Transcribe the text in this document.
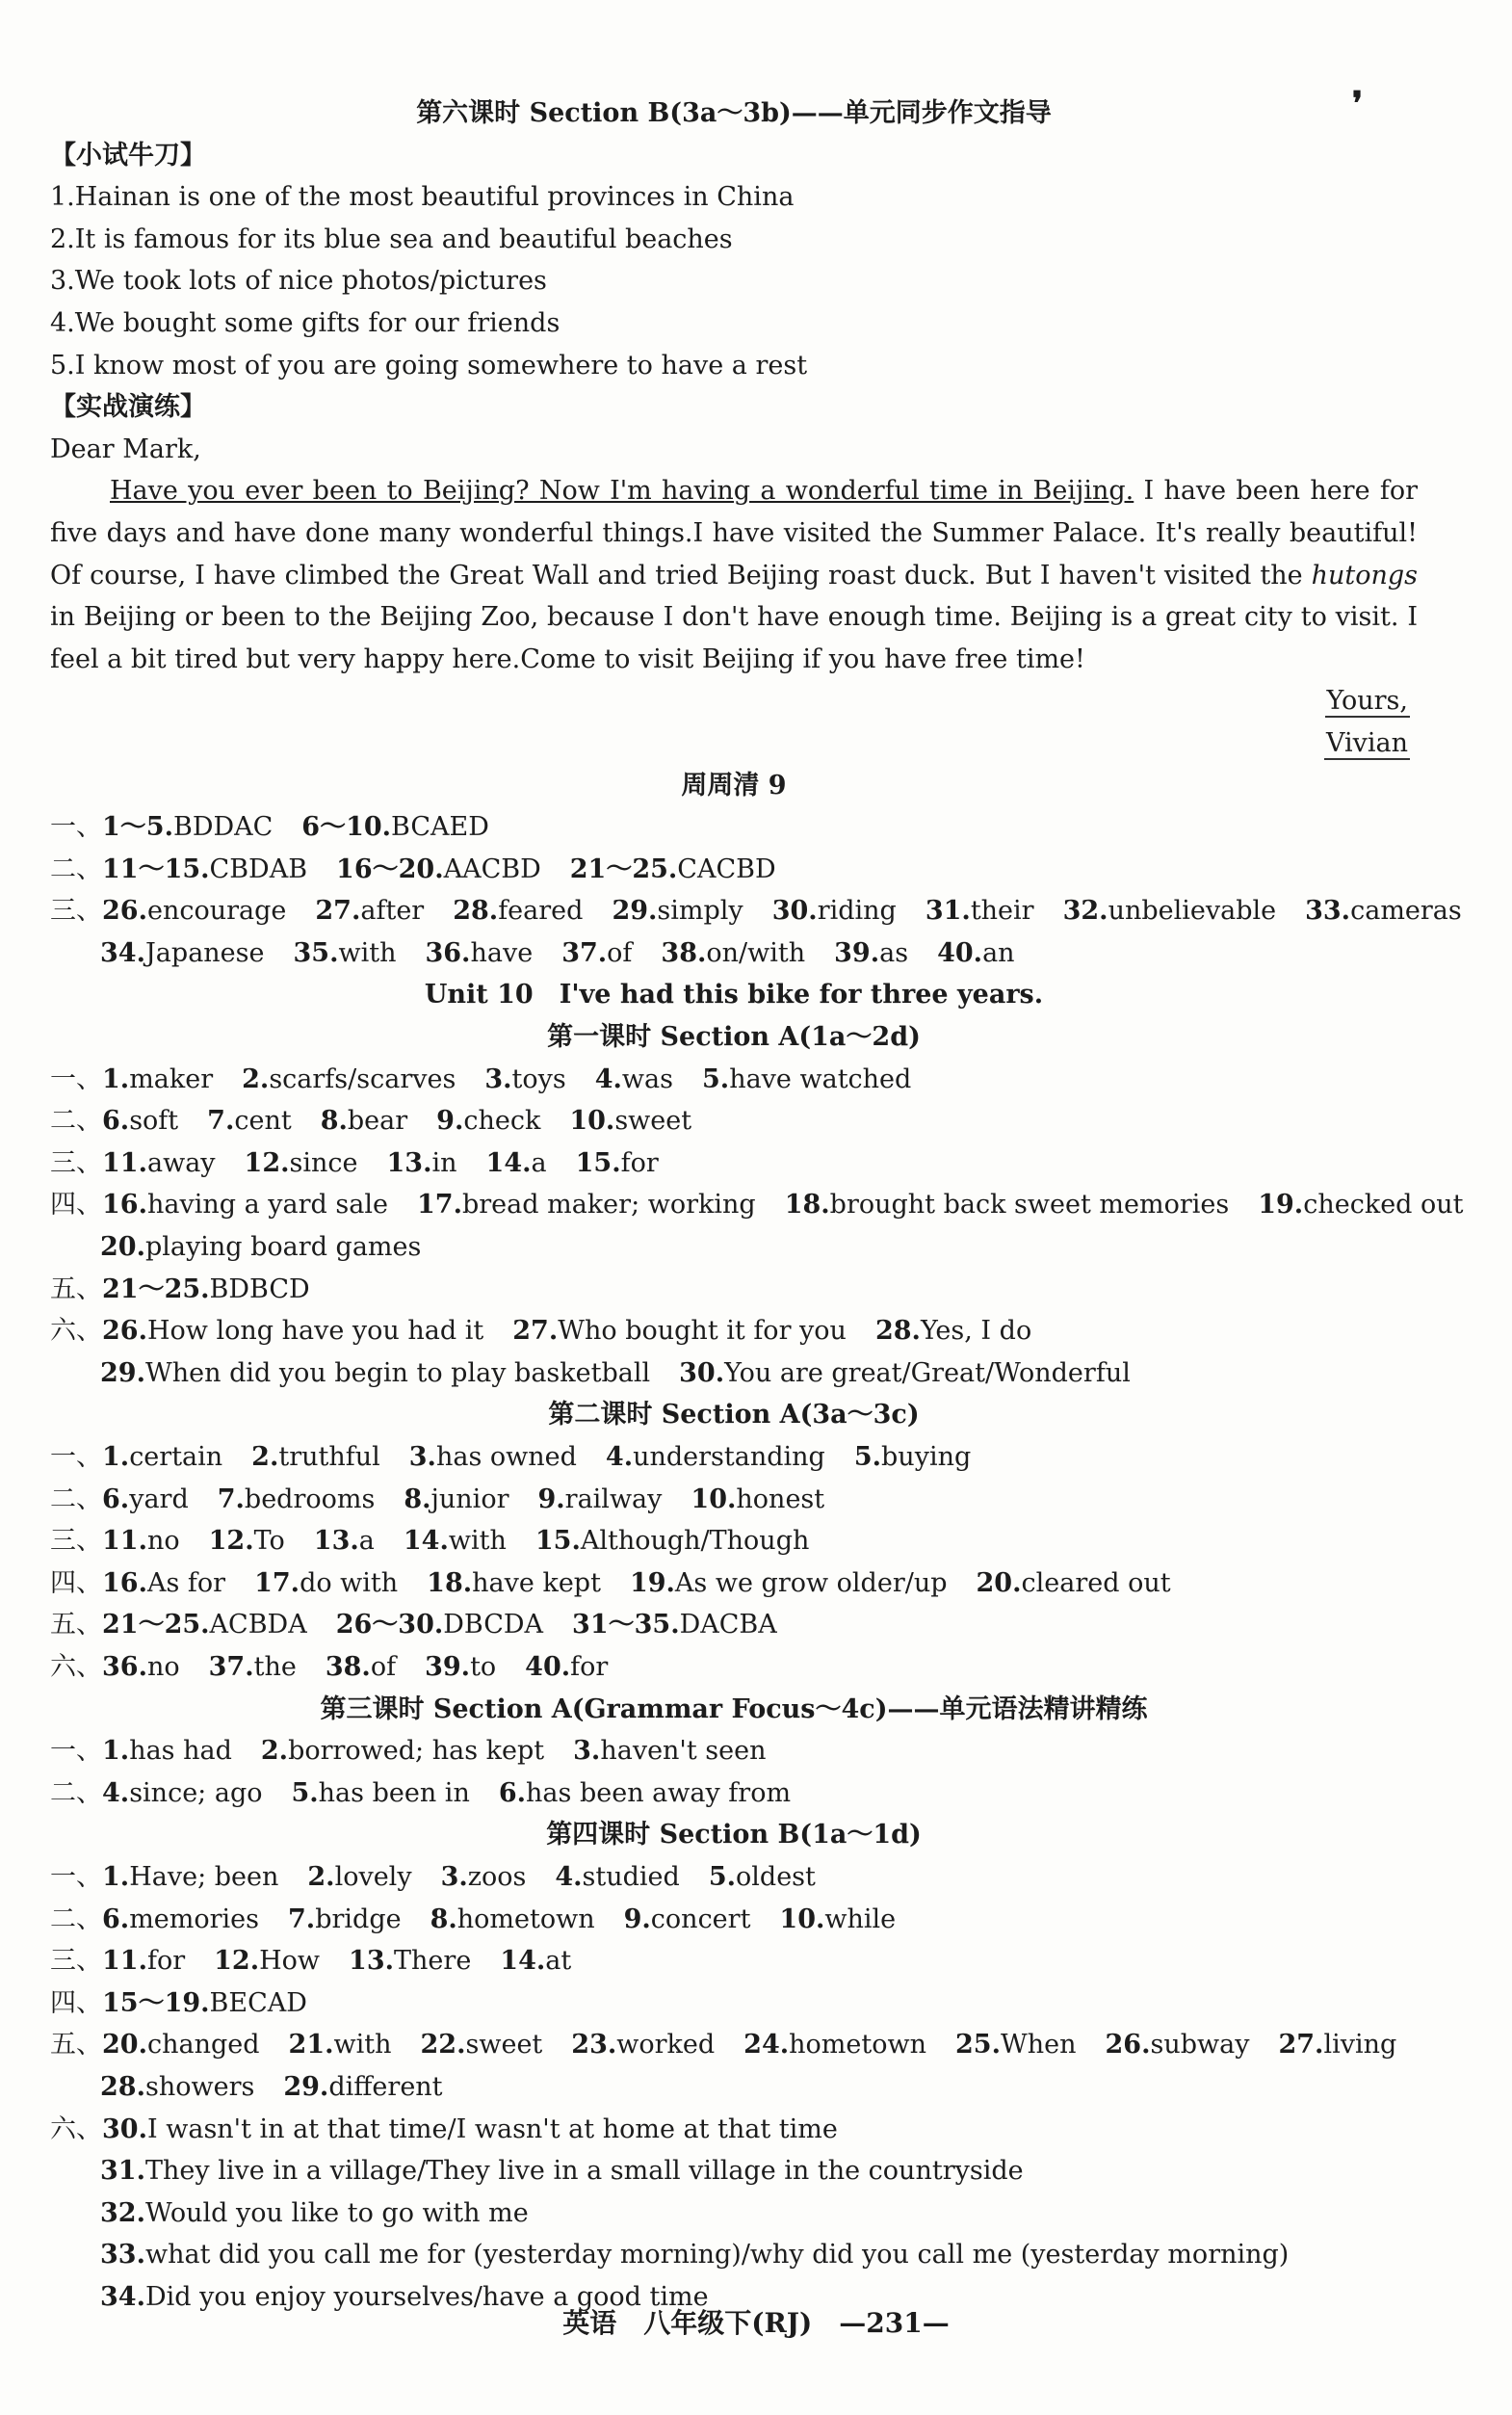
❜
第六课时 Section B(3a～3b)——单元同步作文指导
【小试牛刀】
1.Hainan is one of the most beautiful provinces in China
2.It is famous for its blue sea and beautiful beaches
3.We took lots of nice photos/pictures
4.We bought some gifts for our friends
5.I know most of you are going somewhere to have a rest
【实战演练】
Dear Mark,
Have you ever been to Beijing? Now I'm having a wonderful time in Beijing. I have been here for five days and have done many wonderful things.I have visited the Summer Palace. It's really beautiful! Of course, I have climbed the Great Wall and tried Beijing roast duck. But I haven't visited the hutongs in Beijing or been to the Beijing Zoo, because I don't have enough time. Beijing is a great city to visit. I feel a bit tired but very happy here.Come to visit Beijing if you have free time!
Yours,
Vivian
周周清 9
一、1～5.BDDAC 6～10.BCAED
二、11～15.CBDAB 16～20.AACBD 21～25.CACBD
三、26.encourage 27.after 28.feared 29.simply 30.riding 31.their 32.unbelievable 33.cameras
34.Japanese 35.with 36.have 37.of 38.on/with 39.as 40.an
Unit 10　I've had this bike for three years.
第一课时 Section A(1a～2d)
一、1.maker 2.scarfs/scarves 3.toys 4.was 5.have watched
二、6.soft 7.cent 8.bear 9.check 10.sweet
三、11.away 12.since 13.in 14.a 15.for
四、16.having a yard sale 17.bread maker; working 18.brought back sweet memories 19.checked out
20.playing board games
五、21～25.BDBCD
六、26.How long have you had it 27.Who bought it for you 28.Yes, I do
29.When did you begin to play basketball 30.You are great/Great/Wonderful
第二课时 Section A(3a～3c)
一、1.certain 2.truthful 3.has owned 4.understanding 5.buying
二、6.yard 7.bedrooms 8.junior 9.railway 10.honest
三、11.no 12.To 13.a 14.with 15.Although/Though
四、16.As for 17.do with 18.have kept 19.As we grow older/up 20.cleared out
五、21～25.ACBDA 26～30.DBCDA 31～35.DACBA
六、36.no 37.the 38.of 39.to 40.for
第三课时 Section A(Grammar Focus～4c)——单元语法精讲精练
一、1.has had 2.borrowed; has kept 3.haven't seen
二、4.since; ago 5.has been in 6.has been away from
第四课时 Section B(1a～1d)
一、1.Have; been 2.lovely 3.zoos 4.studied 5.oldest
二、6.memories 7.bridge 8.hometown 9.concert 10.while
三、11.for 12.How 13.There 14.at
四、15～19.BECAD
五、20.changed 21.with 22.sweet 23.worked 24.hometown 25.When 26.subway 27.living
28.showers 29.different
六、30.I wasn't in at that time/I wasn't at home at that time
31.They live in a village/They live in a small village in the countryside
32.Would you like to go with me
33.what did you call me for (yesterday morning)/why did you call me (yesterday morning)
34.Did you enjoy yourselves/have a good time
英语　八年级下(RJ)　—231—
